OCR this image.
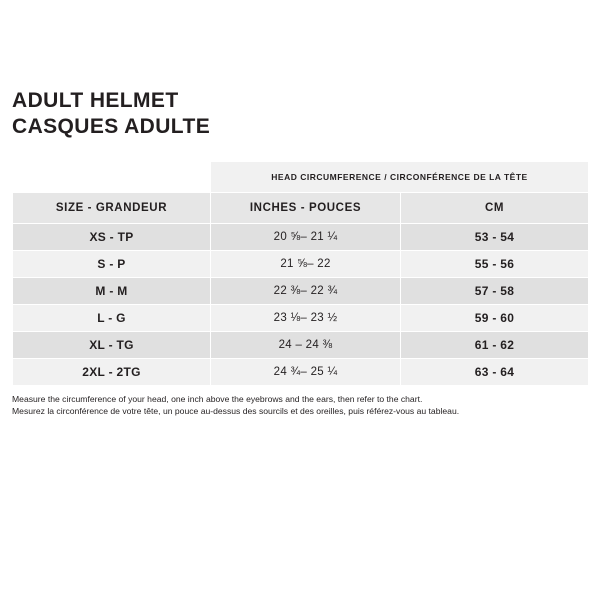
ADULT HELMET
CASQUES ADULTE
	HEAD CIRCUMFERENCE / CIRCONFÉRENCE DE LA TÊTE	
SIZE - GRANDEUR	INCHES - POUCES	CM
XS - TP	20 ⅝– 21 ¼	53 - 54
S - P	21 ⅝– 22	55 - 56
M - M	22 ⅜– 22 ¾	57 - 58
L - G	23 ⅛– 23 ½	59 - 60
XL - TG	24 – 24 ⅜	61 - 62
2XL - 2TG	24 ¾– 25 ¼	63 - 64
Measure the circumference of your head, one inch above the eyebrows and the ears, then refer to the chart.
Mesurez la circonférence de votre tête, un pouce au-dessus des sourcils et des oreilles, puis référez-vous au tableau.
